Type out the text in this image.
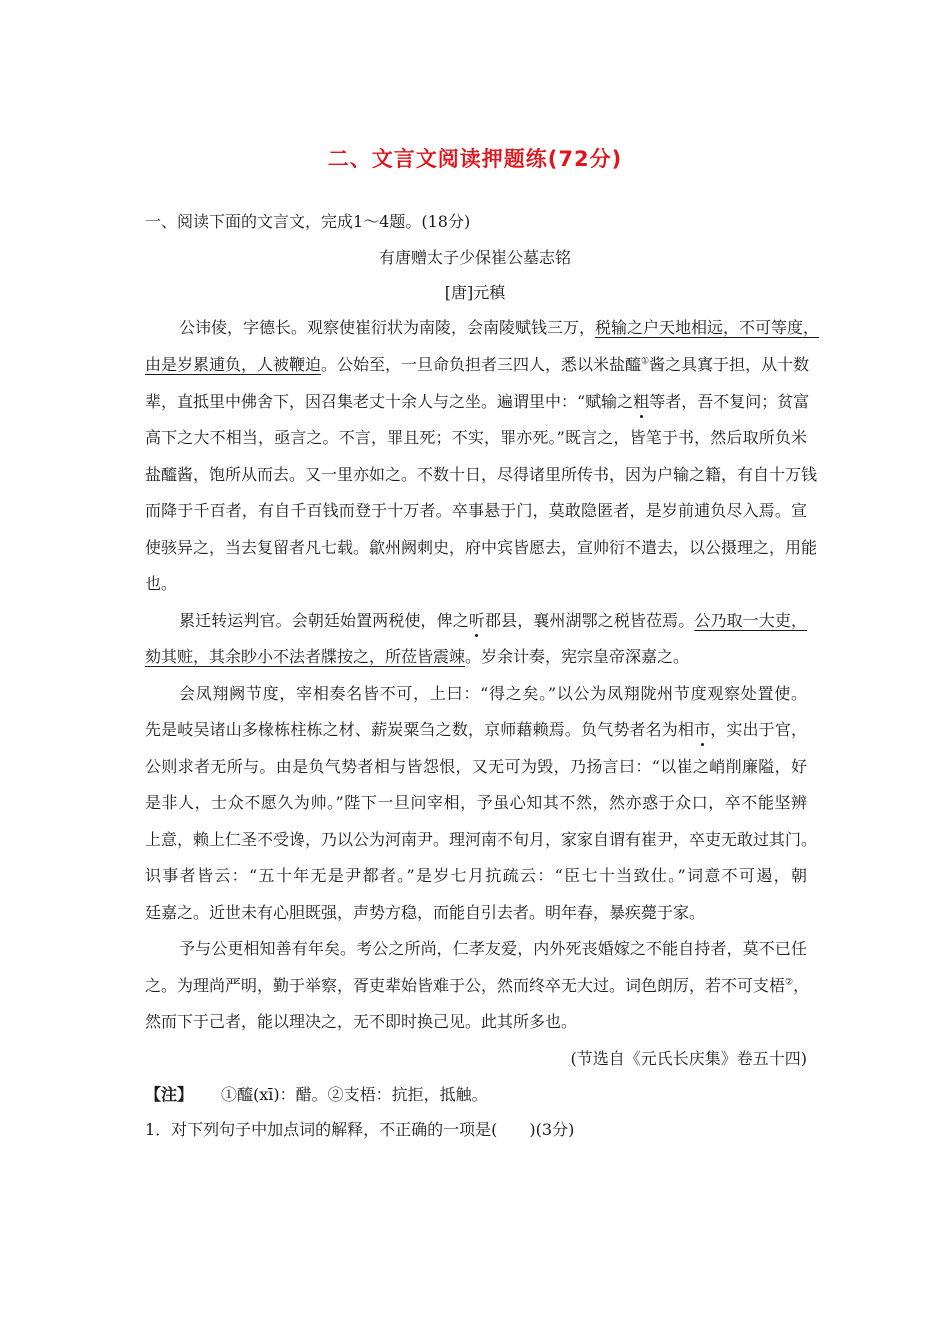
二、文言文阅读押题练(72分)
一、阅读下面的文言文，完成1～4题。(18分)
有唐赠太子少保崔公墓志铭
[唐]元稹
公讳倰，字德长。观察使崔衍状为南陵，会南陵赋钱三万，税输之户天地相远，不可等度，
由是岁累逋负，人被鞭迫。公始至，一旦命负担者三四人，悉以米盐醯①酱之具寘于担，从十数
辈，直抵里中佛舍下，因召集老丈十余人与之坐。遍谓里中：“赋输之粗等者，吾不复问；贫富
高下之大不相当，亟言之。不言，罪且死；不实，罪亦死。”既言之，皆笔于书，然后取所负米
盐醯酱，饱所从而去。又一里亦如之。不数十日，尽得诸里所传书，因为户输之籍，有自十万钱
而降于千百者，有自千百钱而登于十万者。卒事悬于门，莫敢隐匿者，是岁前逋负尽入焉。宣
使骇异之，当去复留者凡七载。歙州阙刺史，府中宾皆愿去，宣帅衍不遣去，以公摄理之，用能
也。
累迁转运判官。会朝廷始置两税使，俾之听郡县，襄州湖鄂之税皆莅焉。公乃取一大吏，
劾其赃，其余眇小不法者牒按之，所莅皆震竦。岁余计奏，宪宗皇帝深嘉之。
会凤翔阙节度，宰相奏名皆不可，上曰：“得之矣。”以公为凤翔陇州节度观察处置使。
先是岐吴诸山多椽栋柱栋之材、薪炭粟刍之数，京师藉赖焉。负气势者名为相市，实出于官，
公则求者无所与。由是负气势者相与皆怨恨，又无可为毁，乃扬言曰：“以崔之峭削廉隘，好
是非人，士众不愿久为帅。”陛下一旦问宰相，予虽心知其不然，然亦惑于众口，卒不能坚辨
上意，赖上仁圣不受谗，乃以公为河南尹。理河南不旬月，家家自谓有崔尹，卒吏无敢过其门。
识事者皆云：“五十年无是尹都者。”是岁七月抗疏云：“臣七十当致仕。”词意不可遏，朝
廷嘉之。近世未有心胆既强，声势方稳，而能自引去者。明年春，暴疾薨于家。
予与公更相知善有年矣。考公之所尚，仁孝友爱，内外死丧婚嫁之不能自持者，莫不已任
之。为理尚严明，勤于举察，胥吏辈始皆难于公，然而终卒无大过。词色朗厉，若不可支梧②，
然而下于己者，能以理决之，无不即时换己见。此其所多也。
(节选自《元氏长庆集》卷五十四)
【注】 ①醯(xī)：醋。②支梧：抗拒，抵触。
1．对下列句子中加点词的解释，不正确的一项是(　　)(3分)
